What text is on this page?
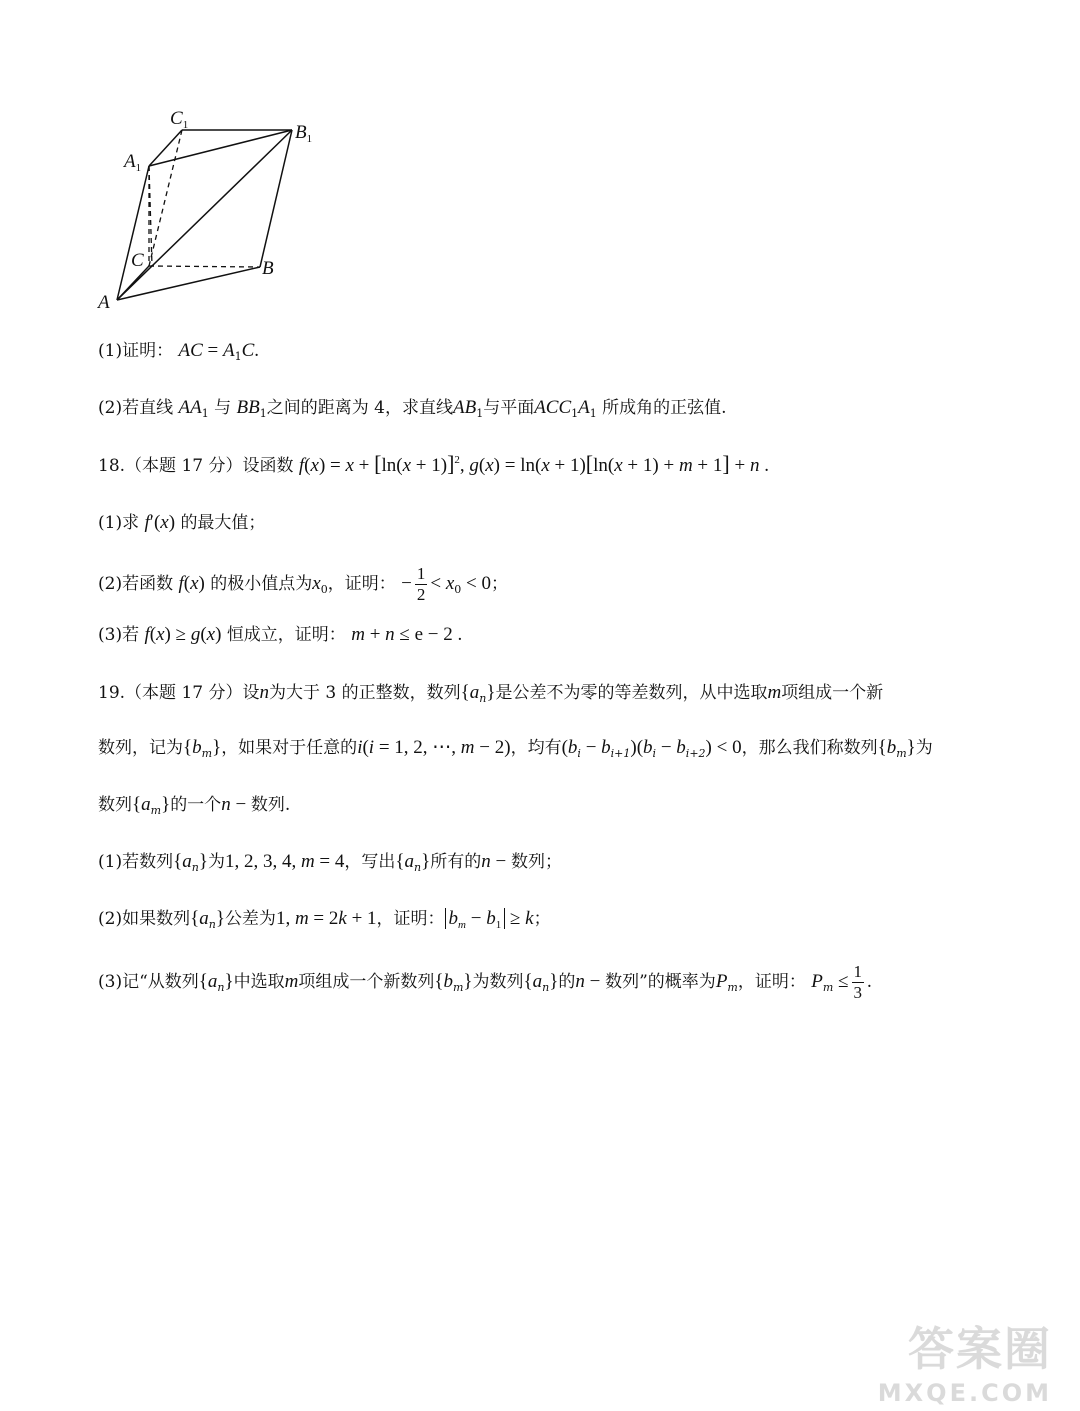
$C_1$	$B_1$
$A_1$
C	B
A
(1)证明： AC = $A_1C$.
(2)若直线 $AA_1$ 与 $BB_1$之间的距离为 4，求直线$AB_1$与平面$ACC_1A_1$ 所成角的正弦值.
18.（本题 17 分）设函数 $f(x) = x + [\ln(x + 1)]^2$, g(x) = ln(x + 1)[ln(x + 1) + m + 1] + n .
(1)求 f′(x) 的最大值；
(2)若函数 f(x) 的极小值点为$x_0$，证明： − $\frac{1}{2} < x_0 < 0$；
(3)若 f(x) ≥ g(x) 恒成立，证明： m + n ≤ e − 2 .
19.（本题 17 分）设n为大于 3 的正整数，数列$\{a_n\}$是公差不为零的等差数列，从中选取m项组成一个新
数列，记为$\{b_m\}$，如果对于任意的i(i = 1, 2, ⋯, m − 2)，均有$(b_i - b_{i+1})(b_i - b_{i+2}) < 0$，那么我们称数列$\{b_m\}$为
数列$\{a_m\}$的一个n − 数列.
(1)若数列$\{a_n\}$为1, 2, 3, 4, m = 4，写出$\{a_n\}$所有的n − 数列；
(2)如果数列$\{a_n\}$公差为1, m = 2k + 1，证明： $b_m - b_1 \ge k$；
(3)记“从数列$\{a_n\}$中选取m项组成一个新数列$\{b_m\}$为数列$\{a_n\}$的n − 数列”的概率为$P_m$，证明： $P_m \le \frac{1}{3}$ .
答案圈
MXQE.COM
